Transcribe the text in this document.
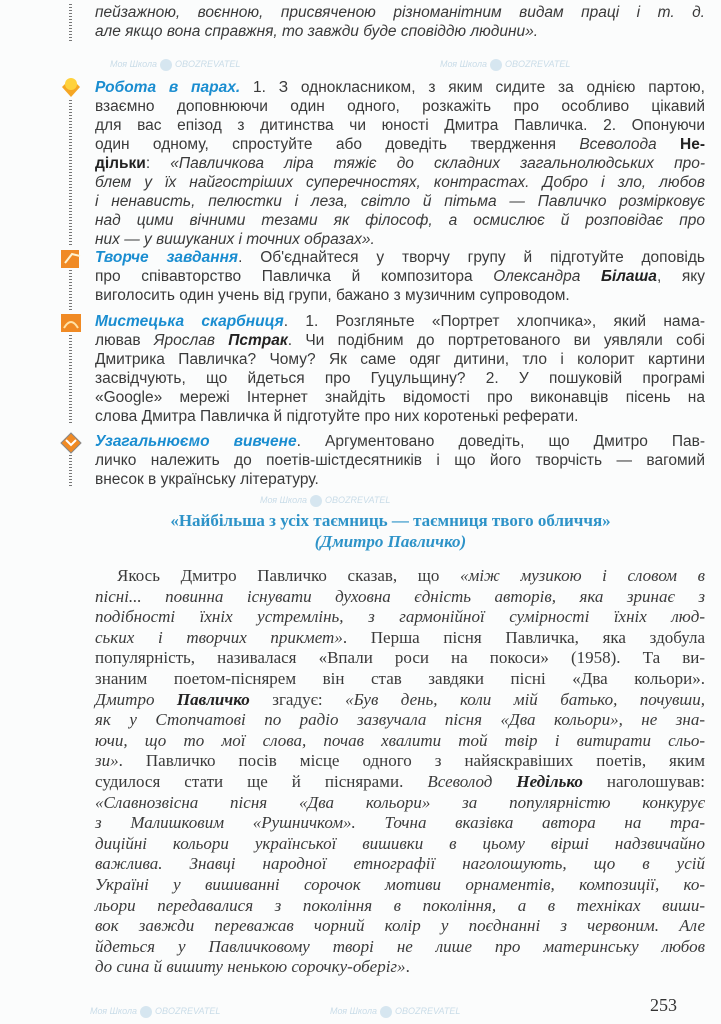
Моя Школа OBOZREVATEL	Моя Школа OBOZREVATEL
Моя Школа OBOZREVATEL
Моя Школа OBOZREVATEL	Моя Школа OBOZREVATEL
пейзажною, воєнною, присвяченою різноманітним видам праці і т. д.
але якщо вона справжня, то завжди буде сповіддю людини».
Робота в парах. 1. З однокласником, з яким сидите за однією партою,
взаємно доповнюючи один одного, розкажіть про особливо цікавий
для вас епізод з дитинства чи юності Дмитра Павличка. 2. Опонуючи
один одному, спростуйте або доведіть твердження Всеволода Не-
дільки: «Павличкова ліра тяжіє до складних загальнолюдських про-
блем у їх найгостріших суперечностях, контрастах. Добро і зло, любов
і ненависть, пелюстки і леза, світло й пітьма — Павличко розмірковує
над цими вічними тезами як філософ, а осмислює й розповідає про
них — у вишуканих і точних образах».
Творче завдання. Об'єднайтеся у творчу групу й підготуйте доповідь
про співавторство Павличка й композитора Олександра Білаша, яку
виголосить один учень від групи, бажано з музичним супроводом.
Мистецька скарбниця. 1. Розгляньте «Портрет хлопчика», який нама-
лював Ярослав Пстрак. Чи подібним до портретованого ви уявляли собі
Дмитрика Павличка? Чому? Як саме одяг дитини, тло і колорит картини
засвідчують, що йдеться про Гуцульщину? 2. У пошуковій програмі
«Google» мережі Інтернет знайдіть відомості про виконавців пісень на
слова Дмитра Павличка й підготуйте про них коротенькі реферати.
Узагальнюємо вивчене. Аргументовано доведіть, що Дмитро Пав-
личко належить до поетів-шістдесятників і що його творчість — вагомий
внесок в українську літературу.
«Найбільша з усіх таємниць — таємниця твого обличчя»
(Дмитро Павличко)
Якось Дмитро Павличко сказав, що «між музикою і словом в
пісні... повинна існувати духовна єдність авторів, яка зринає з
подібності їхніх устремлінь, з гармонійної сумірності їхніх люд-
ських і творчих прикмет». Перша пісня Павличка, яка здобула
популярність, називалася «Впали роси на покоси» (1958). Та ви-
знаним поетом-піснярем він став завдяки пісні «Два кольори».
Дмитро Павличко згадує: «Був день, коли мій батько, почувши,
як у Стопчатові по радіо зазвучала пісня «Два кольори», не зна-
ючи, що то мої слова, почав хвалити той твір і витирати сльо-
зи». Павличко посів місце одного з найяскравіших поетів, яким
судилося стати ще й піснярами. Всеволод Неділько наголошував:
«Славнозвісна пісня «Два кольори» за популярністю конкурує
з Малишковим «Рушничком». Точна вказівка автора на тра-
диційні кольори української вишивки в цьому вірші надзвичайно
важлива. Знавці народної етнографії наголошують, що в усій
Україні у вишиванні сорочок мотиви орнаментів, композиції, ко-
льори передавалися з покоління в покоління, а в техніках виши-
вок завжди переважав чорний колір у поєднанні з червоним. Але
йдеться у Павличковому творі не лише про материнську любов
до сина й вишиту ненькою сорочку-оберіг».
253
